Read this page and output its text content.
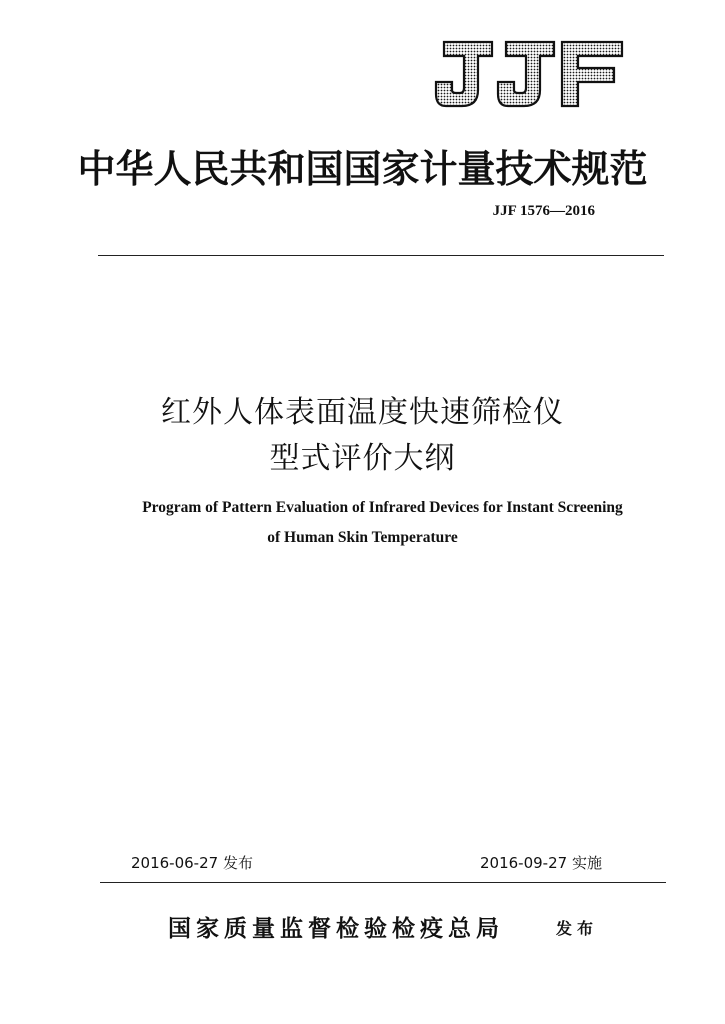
中华人民共和国国家计量技术规范
JJF 1576—2016
红外人体表面温度快速筛检仪
型式评价大纲
Program of Pattern Evaluation of Infrared Devices for Instant Screening
of Human Skin Temperature
2016-06-27 发布	2016-09-27 实施
国家质量监督检验检疫总局	发布
